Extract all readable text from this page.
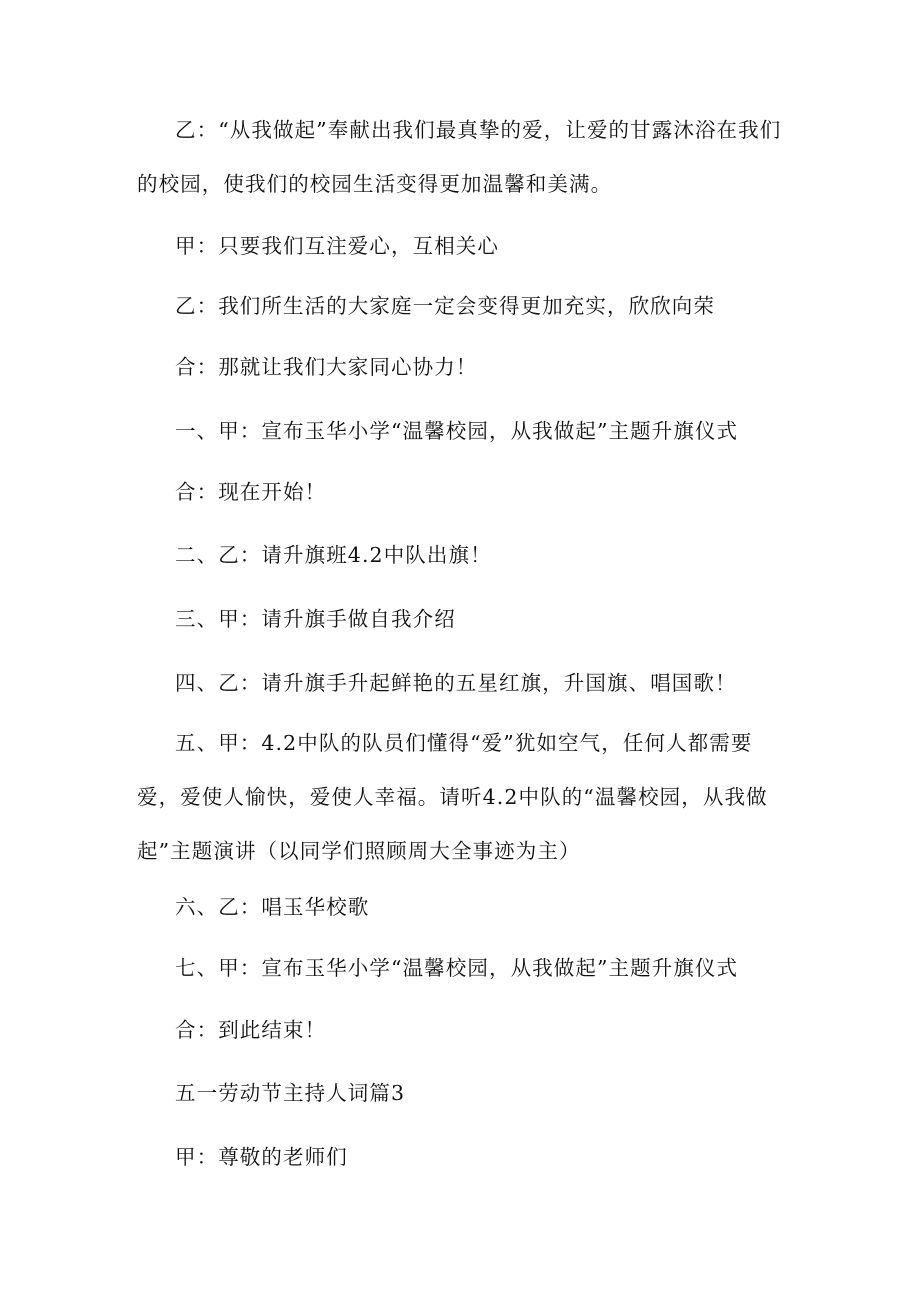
乙：“从我做起”奉献出我们最真挚的爱，让爱的甘露沐浴在我们的校园，使我们的校园生活变得更加温馨和美满。

甲：只要我们互注爱心，互相关心

乙：我们所生活的大家庭一定会变得更加充实，欣欣向荣

合：那就让我们大家同心协力！

一、甲：宣布玉华小学“温馨校园，从我做起”主题升旗仪式

合：现在开始！

二、乙：请升旗班4.2中队出旗！

三、甲：请升旗手做自我介绍

四、乙：请升旗手升起鲜艳的五星红旗，升国旗、唱国歌！

五、甲：4.2中队的队员们懂得“爱”犹如空气，任何人都需要爱，爱使人愉快，爱使人幸福。请听4.2中队的“温馨校园，从我做起”主题演讲（以同学们照顾周大全事迹为主）

六、乙：唱玉华校歌

七、甲：宣布玉华小学“温馨校园，从我做起”主题升旗仪式

合：到此结束！

五一劳动节主持人词篇3

甲：尊敬的老师们
